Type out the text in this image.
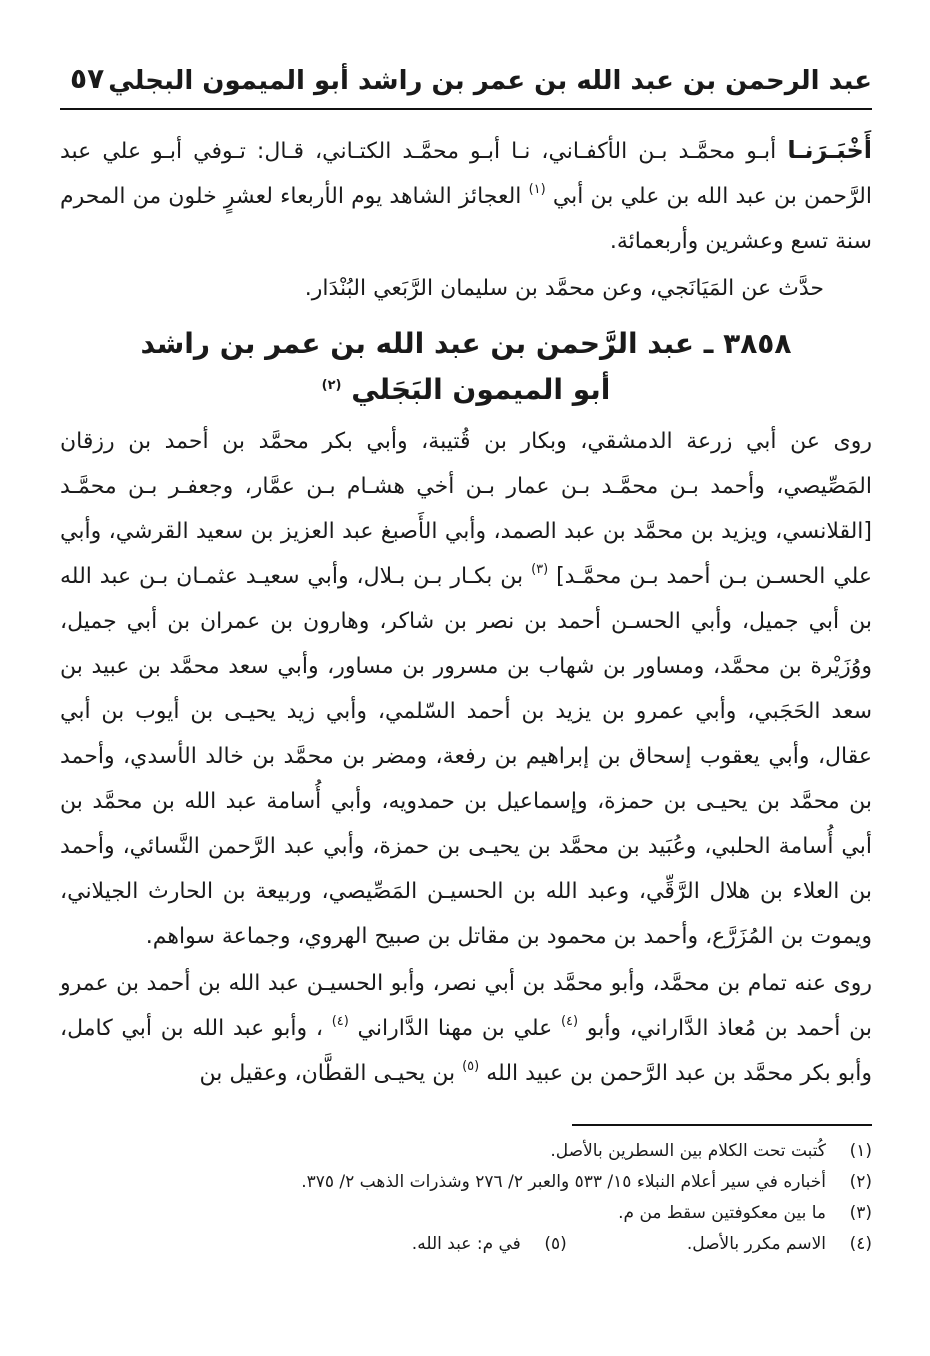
عبد الرحمن بن عبد الله بن عمر بن راشد أبو الميمون البجلي
٥٧

أَخْبَـرَنـا أبـو محمَّـد بـن الأكفـاني، نـا أبـو محمَّـد الكتـاني، قـال: تـوفي أبـو علي عبد الرَّحمن بن عبد الله بن علي بن أبي $^{(١)}$ العجائز الشاهد يوم الأربعاء لعشرٍ خلون من المحرم سنة تسع وعشرين وأربعمائة.

حدَّث عن المَيَانَجي، وعن محمَّد بن سليمان الرَّبَعي البُنْدَار.

٣٨٥٨ ـ عبد الرَّحمن بن عبد الله بن عمر بن راشد
أبو الميمون البَجَلي $^{(٢)}$

روى عن أبي زرعة الدمشقي، وبكار بن قُتيبة، وأبي بكر محمَّد بن أحمد بن رزقان المَصِّيصي، وأحمد بـن محمَّـد بـن عمار بـن أخي هشـام بـن عمَّار، وجعفـر بـن محمَّـد [القلانسي، ويزيد بن محمَّد بن عبد الصمد، وأبي الأَصبغ عبد العزيز بن سعيد القرشي، وأبي علي الحسـن بـن أحمد بـن محمَّـد] $^{(٣)}$ بن بكـار بـن بـلال، وأبي سعيـد عثمـان بـن عبد الله بن أبي جميل، وأبي الحسـن أحمد بن نصر بن شاكر، وهارون بن عمران بن أبي جميل، ووُزَيْرة بن محمَّد، ومساور بن شهاب بن مسرور بن مساور، وأبي سعد محمَّد بن عبيد بن سعد الحَجَبي، وأبي عمرو بن يزيد بن أحمد السّلمي، وأبي زيد يحيـى بن أيوب بن أبي عقال، وأبي يعقوب إسحاق بن إبراهيم بن رفعة، ومضر بن محمَّد بن خالد الأسدي، وأحمد بن محمَّد بن يحيـى بن حمزة، وإسماعيل بن حمدويه، وأبي أُسامة عبد الله بن محمَّد بن أبي أُسامة الحلبي، وعُبَيد بن محمَّد بن يحيـى بن حمزة، وأبي عبد الرَّحمن النَّسائي، وأحمد بن العلاء بن هلال الرَّقِّي، وعبد الله بن الحسيـن المَصِّيصي، وربيعة بن الحارث الجيلاني، ويموت بن المُزَرَّع، وأحمد بن محمود بن مقاتل بن صبيح الهروي، وجماعة سواهم.

روى عنه تمام بن محمَّد، وأبو محمَّد بن أبي نصر، وأبو الحسيـن عبد الله بن أحمد بن عمرو بن أحمد بن مُعاذ الدَّاراني، وأبو $^{(٤)}$ علي بن مهنا الدَّاراني $^{(٤)}$ ، وأبو عبد الله بن أبي كامل، وأبو بكر محمَّد بن عبد الرَّحمن بن عبيد الله $^{(٥)}$ بن يحيـى القطَّان، وعقيل بن

(١)
كُتبت تحت الكلام بين السطرين بالأصل.
(٢)
أخباره في سير أعلام النبلاء ١٥/ ٥٣٣ والعبر ٢/ ٢٧٦ وشذرات الذهب ٢/ ٣٧٥.
(٣)
ما بين معكوفتين سقط من م.
(٤)
الاسم مكرر بالأصل.
(٥)
في م: عبد الله.
